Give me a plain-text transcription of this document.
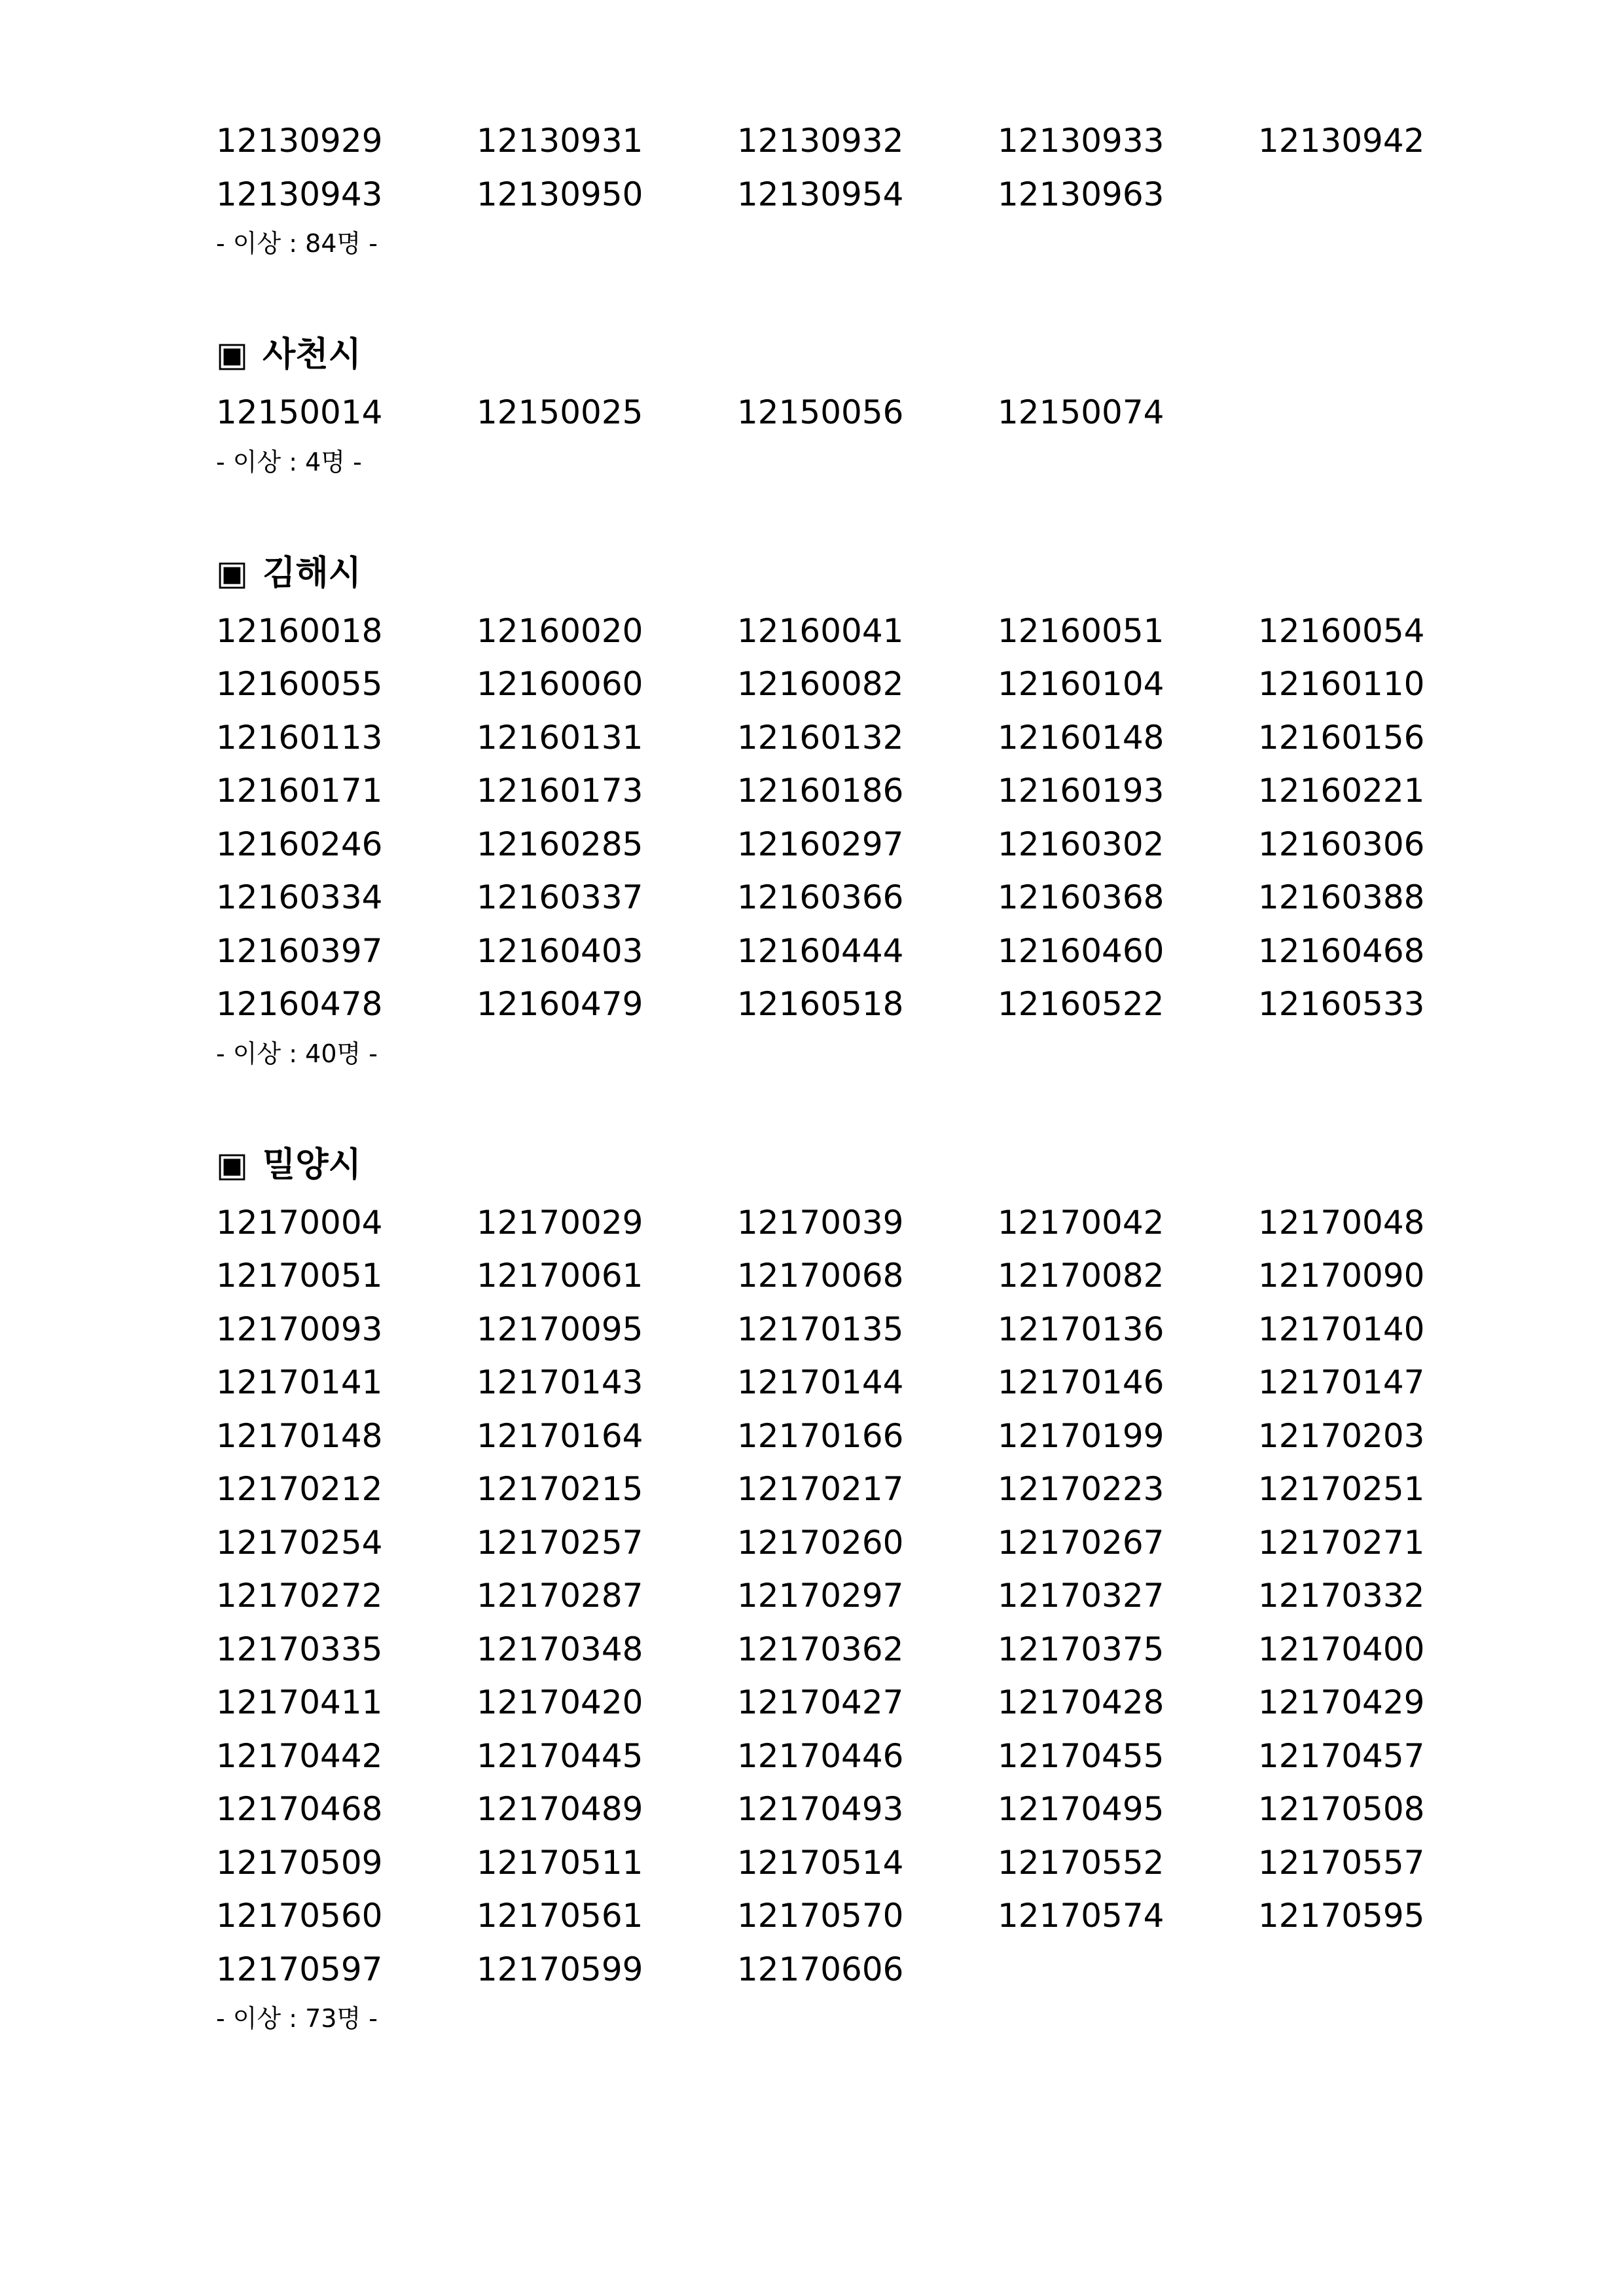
12130929	12130931	12130932	12130933	12130942
12130943	12130950	12130954	12130963
- 이상 : 84명 -
▣ 사천시
12150014	12150025	12150056	12150074
- 이상 : 4명 -
▣ 김해시
12160018	12160020	12160041	12160051	12160054
12160055	12160060	12160082	12160104	12160110
12160113	12160131	12160132	12160148	12160156
12160171	12160173	12160186	12160193	12160221
12160246	12160285	12160297	12160302	12160306
12160334	12160337	12160366	12160368	12160388
12160397	12160403	12160444	12160460	12160468
12160478	12160479	12160518	12160522	12160533
- 이상 : 40명 -
▣ 밀양시
12170004	12170029	12170039	12170042	12170048
12170051	12170061	12170068	12170082	12170090
12170093	12170095	12170135	12170136	12170140
12170141	12170143	12170144	12170146	12170147
12170148	12170164	12170166	12170199	12170203
12170212	12170215	12170217	12170223	12170251
12170254	12170257	12170260	12170267	12170271
12170272	12170287	12170297	12170327	12170332
12170335	12170348	12170362	12170375	12170400
12170411	12170420	12170427	12170428	12170429
12170442	12170445	12170446	12170455	12170457
12170468	12170489	12170493	12170495	12170508
12170509	12170511	12170514	12170552	12170557
12170560	12170561	12170570	12170574	12170595
12170597	12170599	12170606
- 이상 : 73명 -
